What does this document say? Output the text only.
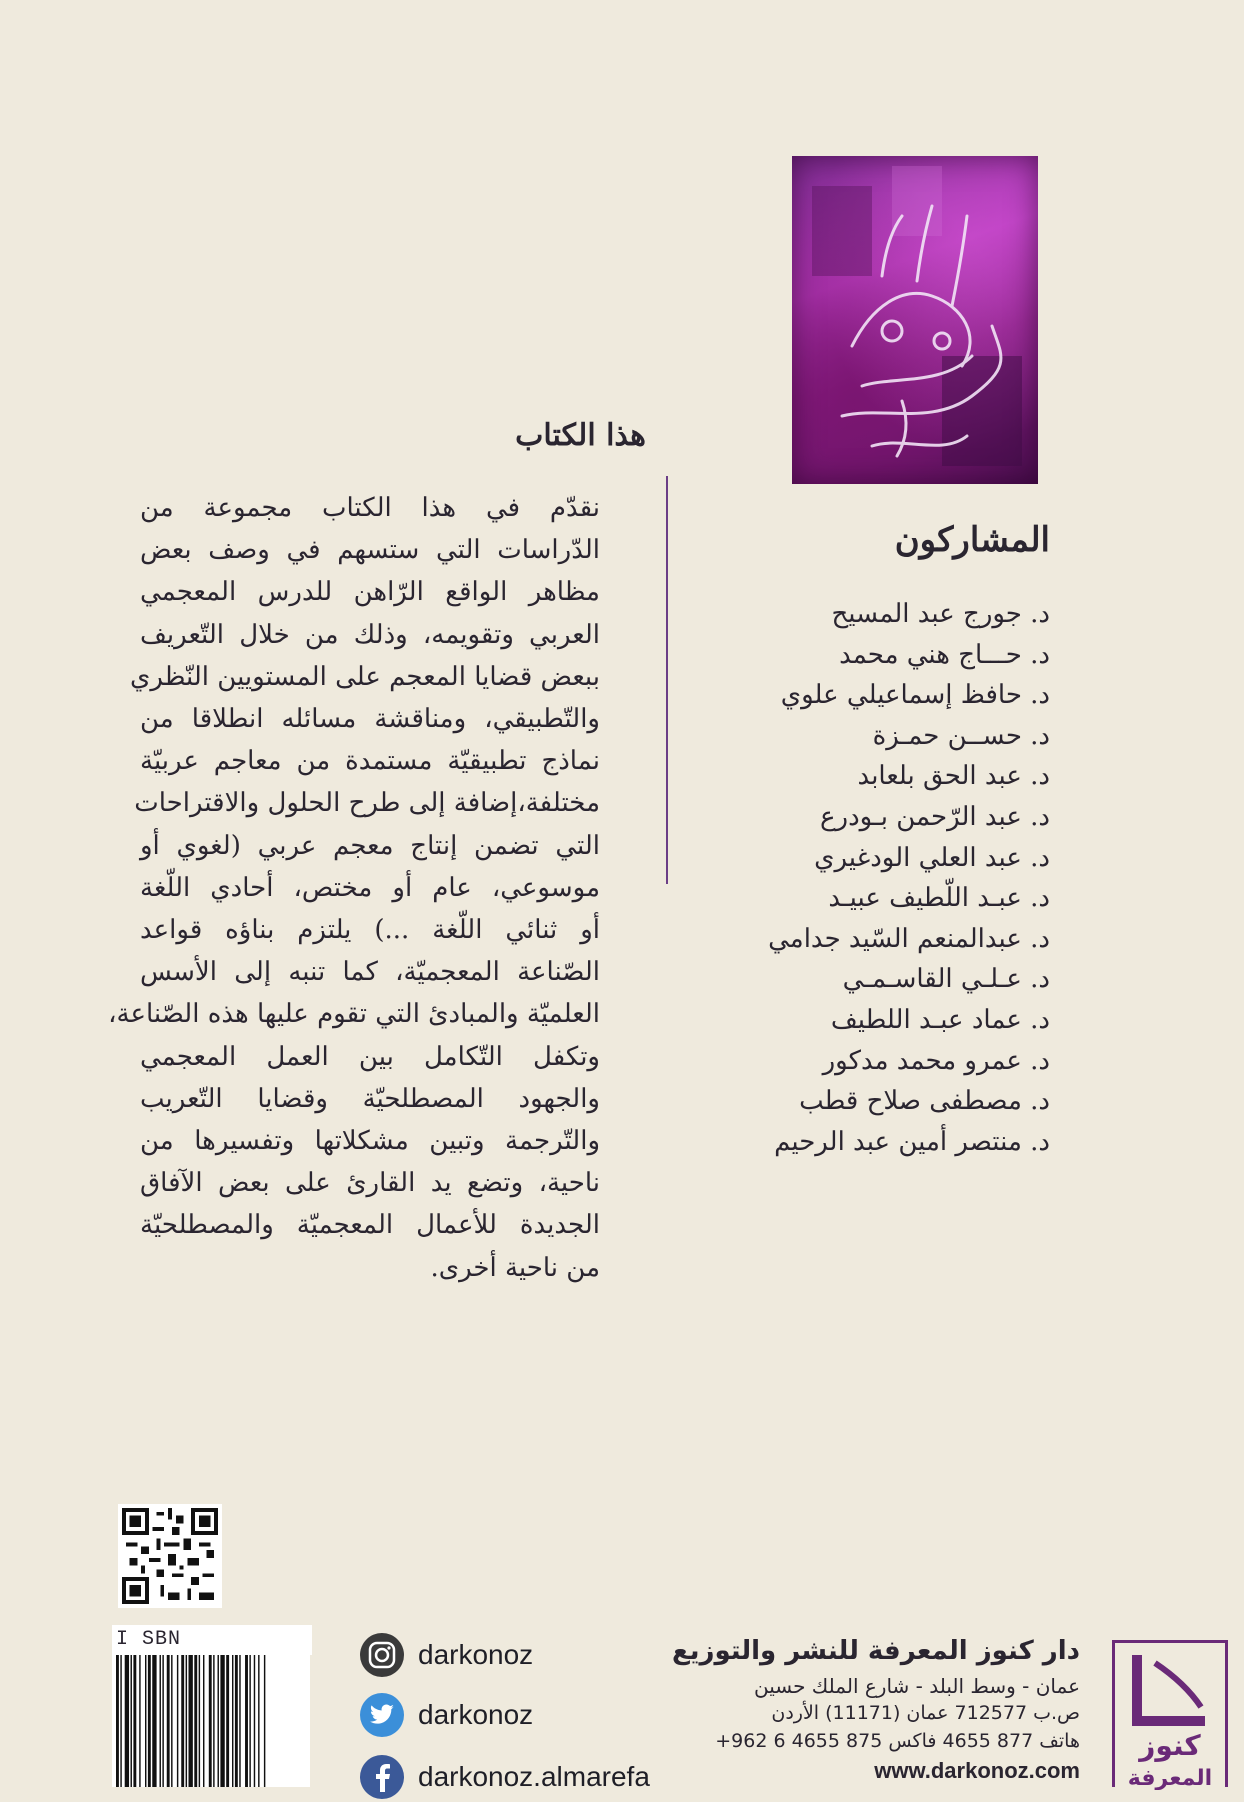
هذا الكتاب
نقدّم في هذا الكتاب مجموعة من
الدّراسات التي ستسهم في وصف بعض
مظاهر الواقع الرّاهن للدرس المعجمي
العربي وتقويمه، وذلك من خلال التّعريف
ببعض قضايا المعجم على المستويين النّظري
والتّطبيقي، ومناقشة مسائله انطلاقا من
نماذج تطبيقيّة مستمدة من معاجم عربيّة
مختلفة،إضافة إلى طرح الحلول والاقتراحات
التي تضمن إنتاج معجم عربي (لغوي أو
موسوعي، عام أو مختص، أحادي اللّغة
أو ثنائي اللّغة ...) يلتزم بناؤه قواعد
الصّناعة المعجميّة، كما تنبه إلى الأسس
العلميّة والمبادئ التي تقوم عليها هذه الصّناعة،
وتكفل التّكامل بين العمل المعجمي
والجهود المصطلحيّة وقضايا التّعريب
والتّرجمة وتبين مشكلاتها وتفسيرها من
ناحية، وتضع يد القارئ على بعض الآفاق
الجديدة للأعمال المعجميّة والمصطلحيّة
من ناحية أخرى.
المشاركون
د. جورج عبد المسيح
د. حـــاج هني محمد
د. حافظ إسماعيلي علوي
د. حســن حمـزة
د. عبد الحق بلعابد
د. عبد الرّحمن بـودرع
د. عبد العلي الودغيري
د. عبـد اللّطيف عبيـد
د. عبدالمنعم السّيد جدامي
د. عـلـي القاسـمـي
د. عماد عبـد اللطيف
د. عمرو محمد مدكور
د. مصطفى صلاح قطب
د. منتصر أمين عبد الرحيم
I SBN	darkonoz
darkonoz
darkonoz.almarefa
دار كنوز المعرفة للنشر والتوزيع
عمان - وسط البلد - شارع الملك حسين
ص.ب 712577 عمان (11171) الأردن
هاتف 877 4655 فاكس 875 4655 6 962+
www.darkonoz.com
كنوز
المعرفة
